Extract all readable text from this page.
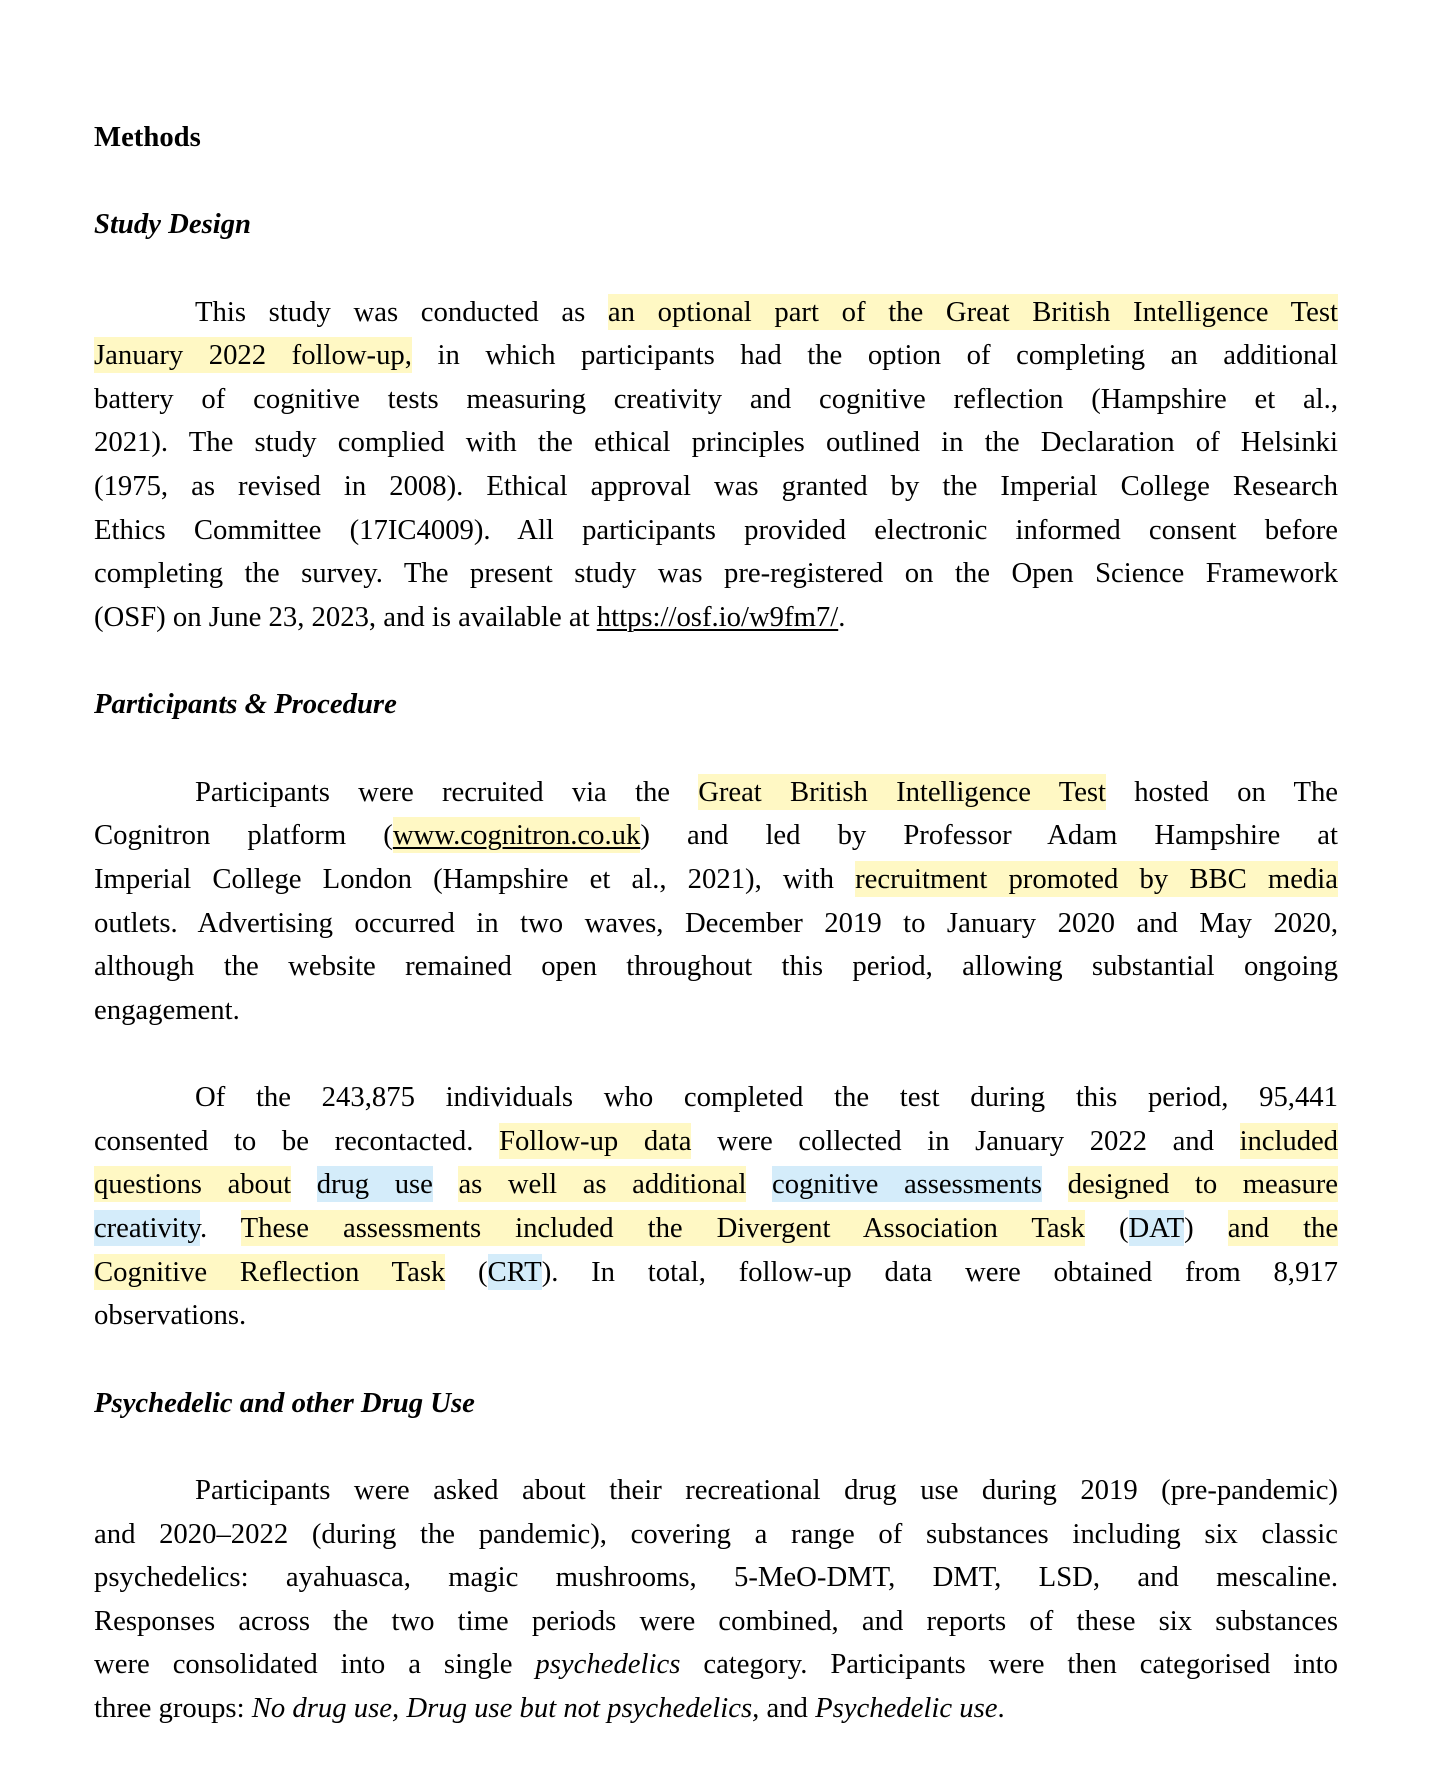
Methods
Study Design
This study was conducted as an optional part of the Great British Intelligence Test
January 2022 follow-up, in which participants had the option of completing an additional
battery of cognitive tests measuring creativity and cognitive reflection (Hampshire et al.,
2021). The study complied with the ethical principles outlined in the Declaration of Helsinki
(1975, as revised in 2008). Ethical approval was granted by the Imperial College Research
Ethics Committee (17IC4009). All participants provided electronic informed consent before
completing the survey. The present study was pre-registered on the Open Science Framework
(OSF) on June 23, 2023, and is available at https://osf.io/w9fm7/.
Participants & Procedure
Participants were recruited via the Great British Intelligence Test hosted on The
Cognitron platform (www.cognitron.co.uk) and led by Professor Adam Hampshire at
Imperial College London (Hampshire et al., 2021), with recruitment promoted by BBC media
outlets. Advertising occurred in two waves, December 2019 to January 2020 and May 2020,
although the website remained open throughout this period, allowing substantial ongoing
engagement.
Of the 243,875 individuals who completed the test during this period, 95,441
consented to be recontacted. Follow-up data were collected in January 2022 and included
questions about drug use as well as additional cognitive assessments designed to measure
creativity. These assessments included the Divergent Association Task (DAT) and the
Cognitive Reflection Task (CRT). In total, follow-up data were obtained from 8,917
observations.
Psychedelic and other Drug Use
Participants were asked about their recreational drug use during 2019 (pre-pandemic)
and 2020–2022 (during the pandemic), covering a range of substances including six classic
psychedelics: ayahuasca, magic mushrooms, 5-MeO-DMT, DMT, LSD, and mescaline.
Responses across the two time periods were combined, and reports of these six substances
were consolidated into a single psychedelics category. Participants were then categorised into
three groups: No drug use, Drug use but not psychedelics, and Psychedelic use.
